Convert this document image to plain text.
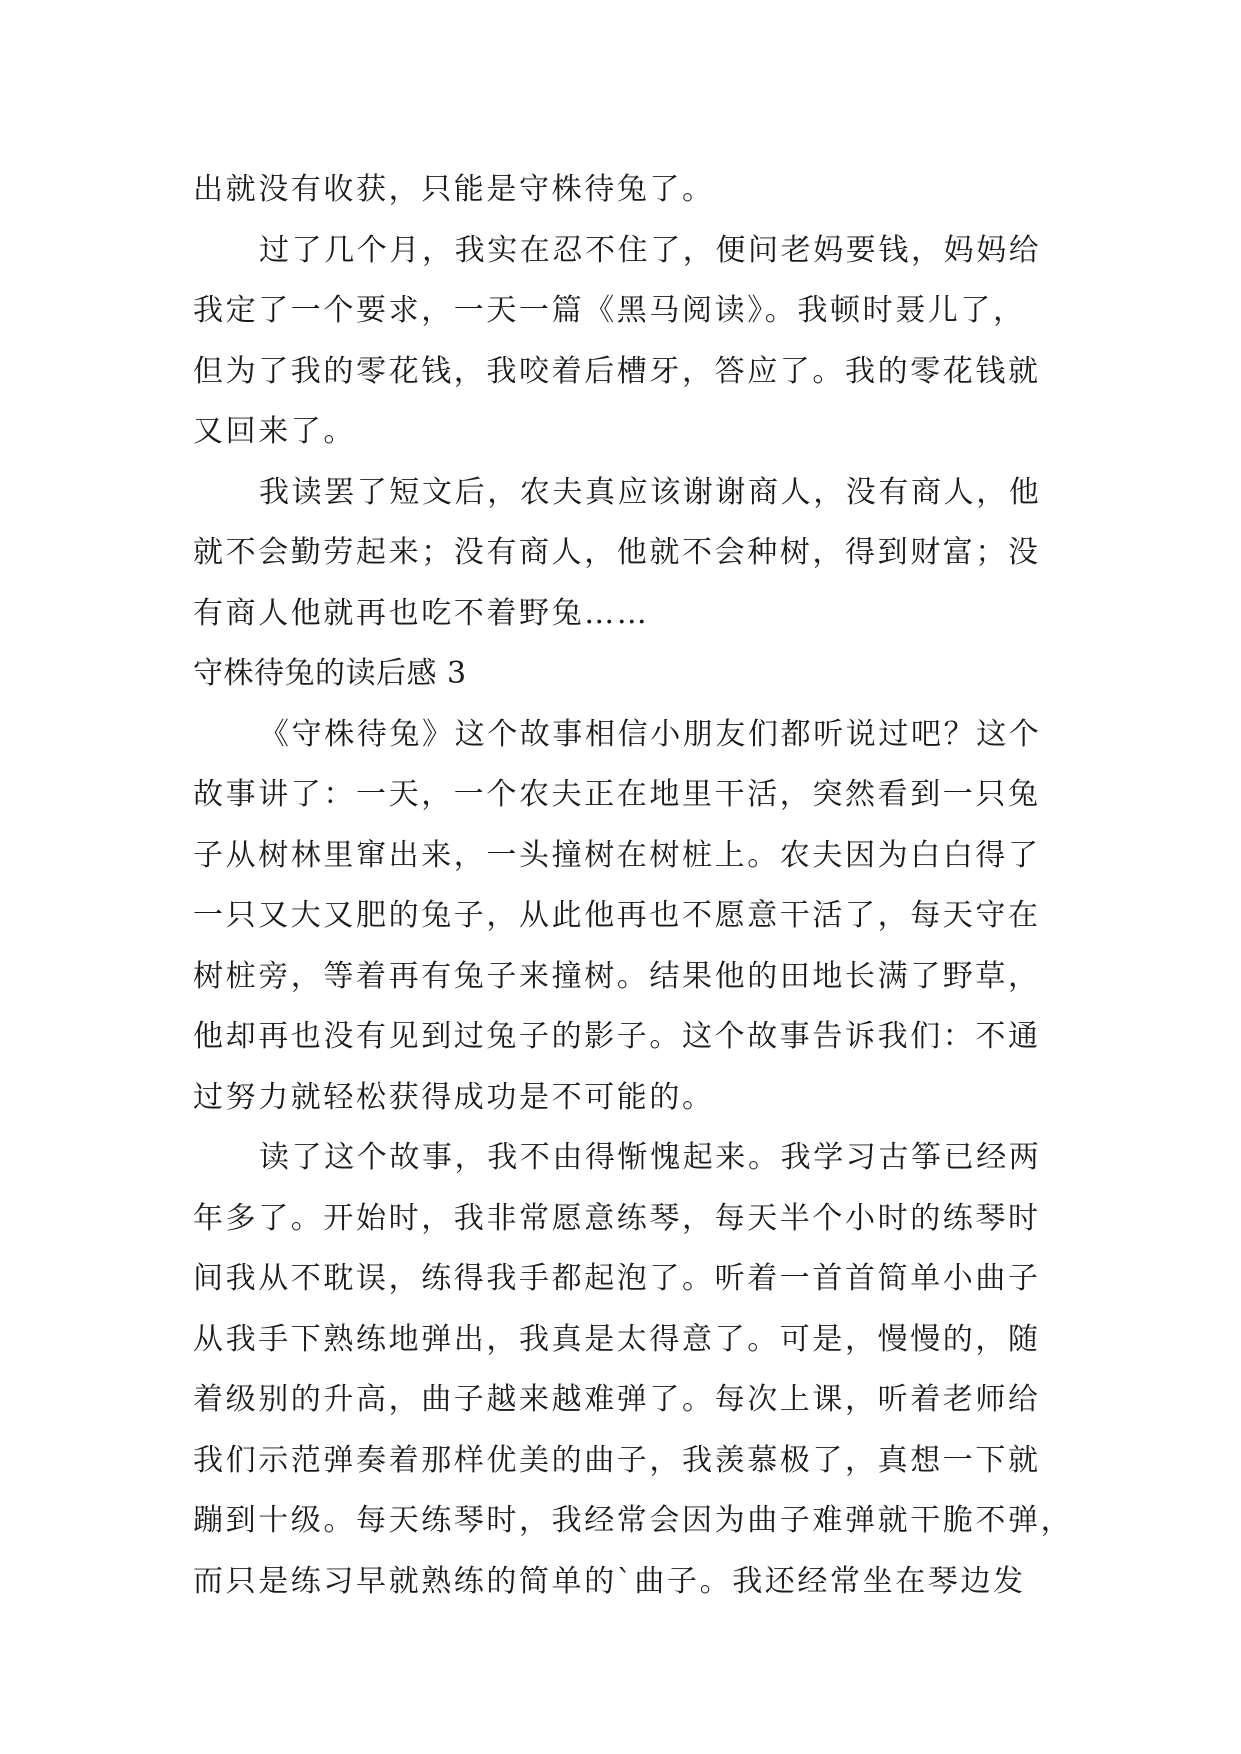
出就没有收获，只能是守株待兔了。
过了几个月，我实在忍不住了，便问老妈要钱，妈妈给
我定了一个要求，一天一篇《黑马阅读》。我顿时聂儿了，
但为了我的零花钱，我咬着后槽牙，答应了。我的零花钱就
又回来了。
我读罢了短文后，农夫真应该谢谢商人，没有商人，他
就不会勤劳起来；没有商人，他就不会种树，得到财富；没
有商人他就再也吃不着野兔……
守株待兔的读后感 3
《守株待兔》这个故事相信小朋友们都听说过吧？这个
故事讲了：一天，一个农夫正在地里干活，突然看到一只兔
子从树林里窜出来，一头撞树在树桩上。农夫因为白白得了
一只又大又肥的兔子，从此他再也不愿意干活了，每天守在
树桩旁，等着再有兔子来撞树。结果他的田地长满了野草，
他却再也没有见到过兔子的影子。这个故事告诉我们：不通
过努力就轻松获得成功是不可能的。
读了这个故事，我不由得惭愧起来。我学习古筝已经两
年多了。开始时，我非常愿意练琴，每天半个小时的练琴时
间我从不耽误，练得我手都起泡了。听着一首首简单小曲子
从我手下熟练地弹出，我真是太得意了。可是，慢慢的，随
着级别的升高，曲子越来越难弹了。每次上课，听着老师给
我们示范弹奏着那样优美的曲子，我羡慕极了，真想一下就
蹦到十级。每天练琴时，我经常会因为曲子难弹就干脆不弹，
而只是练习早就熟练的简单的`曲子。我还经常坐在琴边发
